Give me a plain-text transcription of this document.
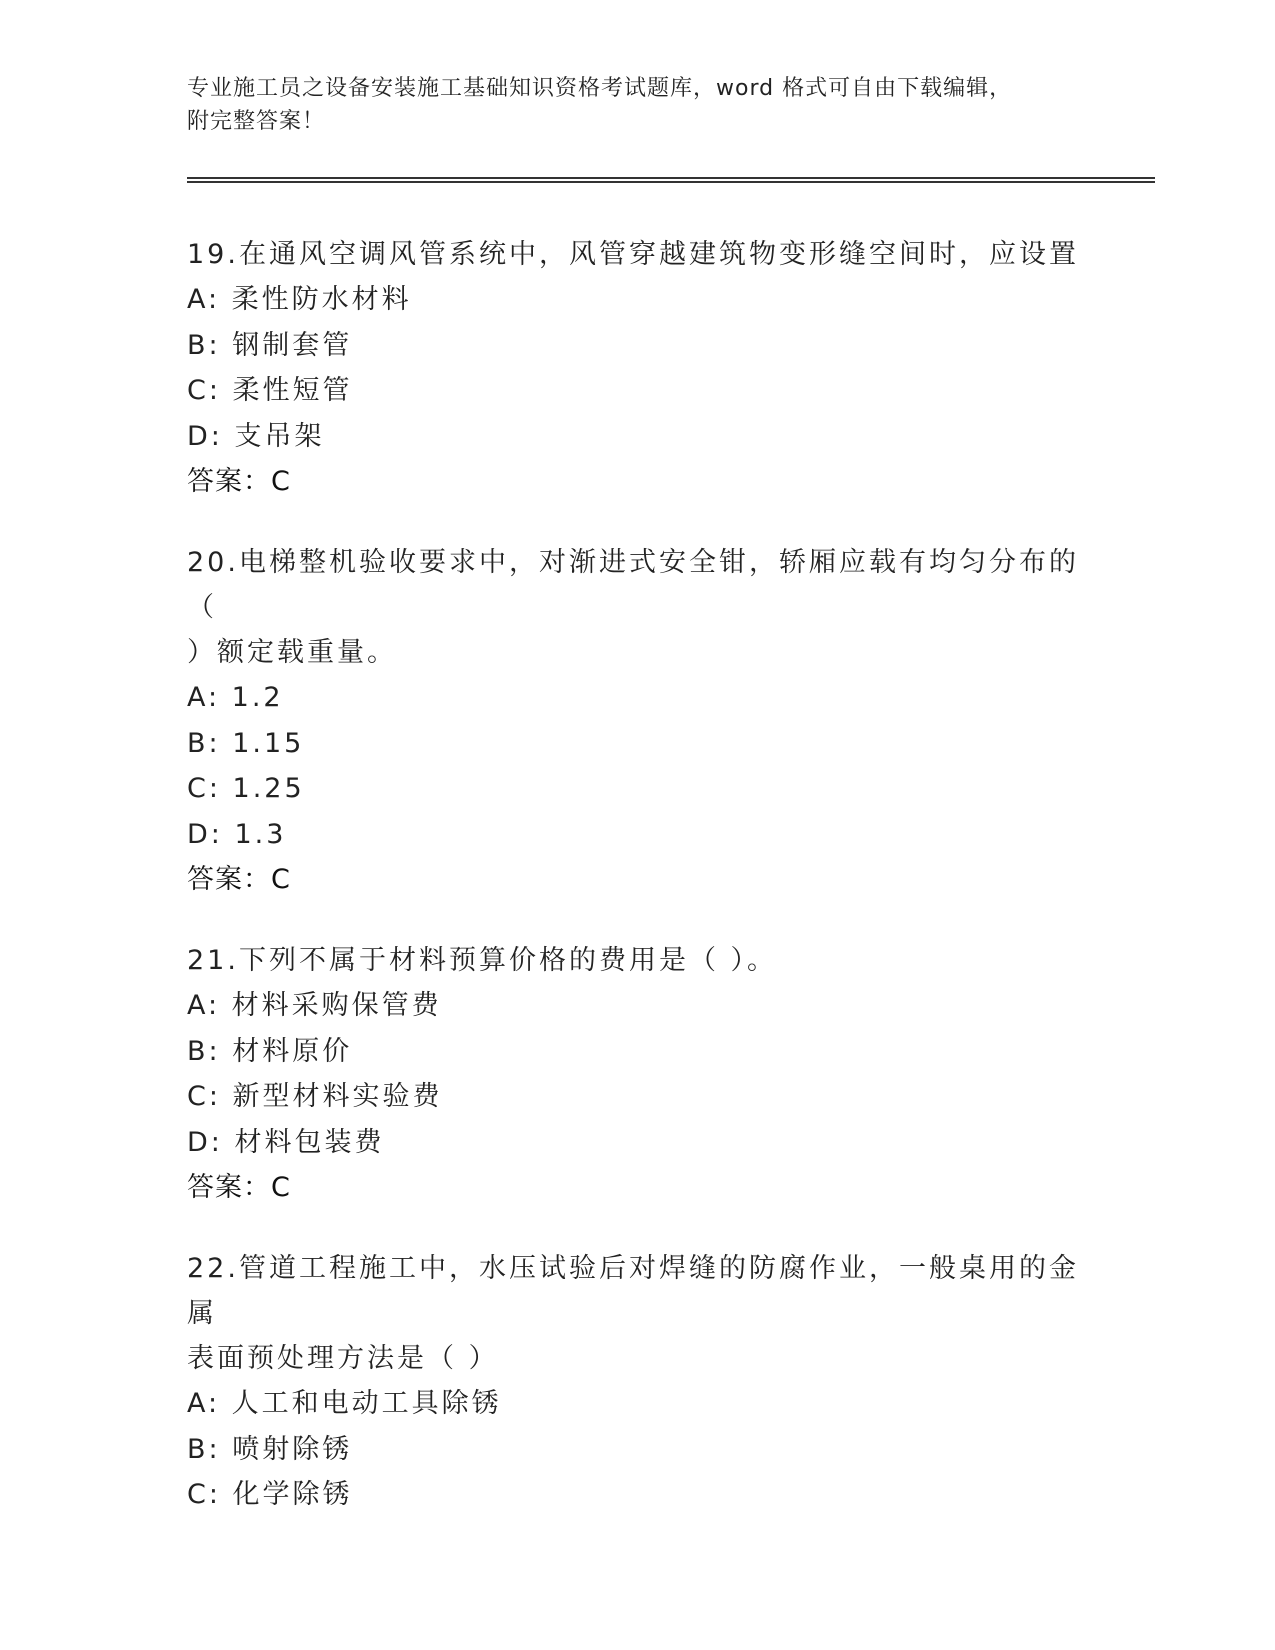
专业施工员之设备安装施工基础知识资格考试题库，word 格式可自由下载编辑，
附完整答案！
19.在通风空调风管系统中，风管穿越建筑物变形缝空间时，应设置
A: 柔性防水材料
B: 钢制套管
C: 柔性短管
D: 支吊架
答案：C
20.电梯整机验收要求中，对渐进式安全钳，轿厢应载有均匀分布的（
）额定载重量。
A: 1.2
B: 1.15
C: 1.25
D: 1.3
答案：C
21.下列不属于材料预算价格的费用是（ ）。
A: 材料采购保管费
B: 材料原价
C: 新型材料实验费
D: 材料包装费
答案：C
22.管道工程施工中，水压试验后对焊缝的防腐作业，一般桌用的金属
表面预处理方法是（ ）
A: 人工和电动工具除锈
B: 喷射除锈
C: 化学除锈
